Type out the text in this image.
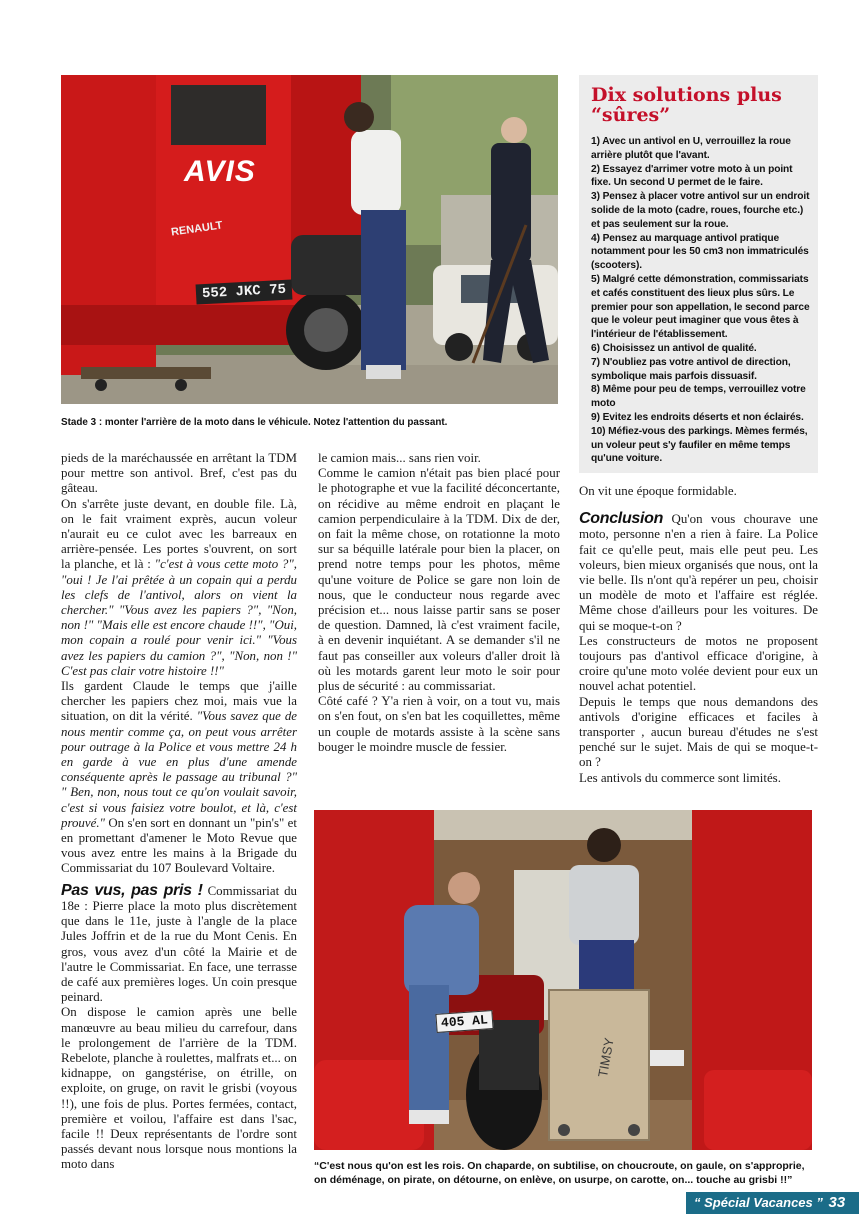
AVIS
RENAULT
552 JKC 75
Stade 3 : monter l'arrière de la moto dans le véhicule. Notez l'attention du passant.
Dix solutions plus
“sûres”

1) Avec un antivol en U, verrouillez la roue arrière plutôt que l'avant.

2) Essayez d'arrimer votre moto à un point fixe. Un second U permet de le faire.

3) Pensez à placer votre antivol sur un endroit solide de la moto (cadre, roues, fourche etc.) et pas seulement sur la roue.

4) Pensez au marquage antivol pratique notamment pour les 50 cm3 non immatriculés (scooters).

5) Malgré cette démonstration, commissariats et cafés constituent des lieux plus sûrs. Le premier pour son appellation, le second parce que le voleur peut imaginer que vous êtes à l'intérieur de l'établissement.

6) Choisissez un antivol de qualité.

7) N'oubliez pas votre antivol de direction, symbolique mais parfois dissuasif.

8) Même pour peu de temps, verrouillez votre moto

9) Evitez les endroits déserts et non éclairés.

10) Méfiez-vous des parkings. Mèmes fermés, un voleur peut s'y faufiler en même temps qu'une voiture.

pieds de la maréchaussée en arrêtant la TDM pour mettre son antivol. Bref, c'est pas du gâteau.

On s'arrête juste devant, en double file. Là, on le fait vraiment exprès, aucun voleur n'aurait eu ce culot avec les barreaux en arrière-pensée. Les portes s'ouvrent, on sort la planche, et là : "c'est à vous cette moto ?", "oui ! Je l'ai prêtée à un copain qui a perdu les clefs de l'antivol, alors on vient la chercher." "Vous avez les papiers ?", "Non, non !" "Mais elle est encore chaude !!", "Oui, mon copain a roulé pour venir ici." "Vous avez les papiers du camion ?", "Non, non !" C'est pas clair votre histoire !!"

Ils gardent Claude le temps que j'aille chercher les papiers chez moi, mais vue la situation, on dit la vérité. "Vous savez que de nous mentir comme ça, on peut vous arrêter pour outrage à la Police et vous mettre 24 h en garde à vue en plus d'une amende conséquente après le passage au tribunal ?" " Ben, non, nous tout ce qu'on voulait savoir, c'est si vous faisiez votre boulot, et là, c'est prouvé." On s'en sort en donnant un "pin's" et en promettant d'amener le Moto Revue que vous avez entre les mains à la Brigade du Commissariat du 107 Boulevard Voltaire.

Pas vus, pas pris ! Commissariat du 18e : Pierre place la moto plus discrètement que dans le 11e, juste à l'angle de la place Jules Joffrin et de la rue du Mont Cenis. En gros, vous avez d'un côté la Mairie et de l'autre le Commissariat. En face, une terrasse de café aux premières loges. Un coin presque peinard.

On dispose le camion après une belle manœuvre au beau milieu du carrefour, dans le prolongement de l'arrière de la TDM. Rebelote, planche à roulettes, malfrats et... on kidnappe, on gangstérise, on étrille, on exploite, on gruge, on ravit le grisbi (voyous !!), une fois de plus. Portes fermées, contact, première et voilou, l'affaire est dans l'sac, facile !! Deux représentants de l'ordre sont passés devant nous lorsque nous montions la moto dans

le camion mais... sans rien voir.

Comme le camion n'était pas bien placé pour le photographe et vue la facilité déconcertante, on récidive au même endroit en plaçant le camion perpendiculaire à la TDM. Dix de der, on fait la même chose, on rotationne la moto sur sa béquille latérale pour bien la placer, on prend notre temps pour les photos, même qu'une voiture de Police se gare non loin de nous, que le conducteur nous regarde avec précision et... nous laisse partir sans se poser de question. Damned, là c'est vraiment facile, à en devenir inquiétant. A se demander s'il ne faut pas conseiller aux voleurs d'aller droit là où les motards garent leur moto le soir pour plus de sécurité : au commissariat.

Côté café ? Y'a rien à voir, on a tout vu, mais on s'en fout, on s'en bat les coquillettes, même un couple de motards assiste à la scène sans bouger le moindre muscle de fessier.

On vit une époque formidable.

Conclusion Qu'on vous chourave une moto, personne n'en a rien à faire. La Police fait ce qu'elle peut, mais elle peut peu. Les voleurs, bien mieux organisés que nous, ont la vie belle. Ils n'ont qu'à repérer un peu, choisir un modèle de moto et l'affaire est réglée. Même chose d'ailleurs pour les voitures. De qui se moque-t-on ?

Les constructeurs de motos ne proposent toujours pas d'antivol efficace d'origine, à croire qu'une moto volée devient pour eux un nouvel achat potentiel.

Depuis le temps que nous demandons des antivols d'origine efficaces et faciles à transporter , aucun bureau d'études ne s'est penché sur le sujet. Mais de qui se moque-t-on ?

Les antivols du commerce sont limités.

405 AL
TIMSY
“C'est nous qu'on est les rois. On chaparde, on subtilise, on choucroute, on gaule, on s'approprie, on déménage, on pirate, on détourne, on enlève, on usurpe, on carotte, on... touche au grisbi !!”
“ Spécial Vacances ” 33
